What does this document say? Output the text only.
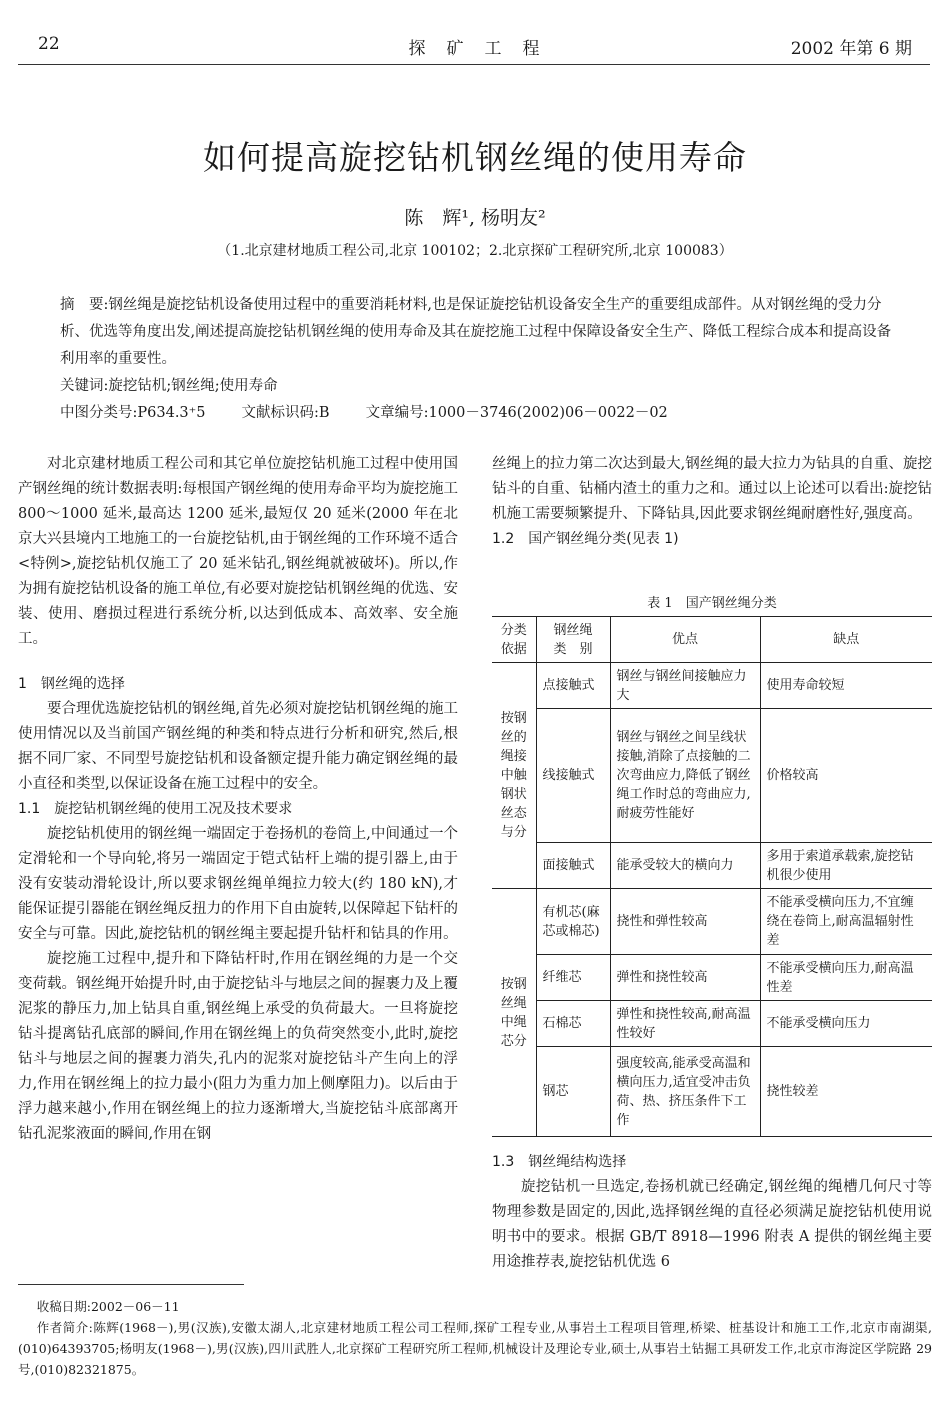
22	探　矿　工　程	2002 年第 6 期
如何提高旋挖钻机钢丝绳的使用寿命
陈　辉¹, 杨明友²
（1.北京建材地质工程公司,北京 100102；2.北京探矿工程研究所,北京 100083）

摘　要:钢丝绳是旋挖钻机设备使用过程中的重要消耗材料,也是保证旋挖钻机设备安全生产的重要组成部件。从对钢丝绳的受力分析、优选等角度出发,阐述提高旋挖钻机钢丝绳的使用寿命及其在旋挖施工过程中保障设备安全生产、降低工程综合成本和提高设备利用率的重要性。

关键词:旋挖钻机;钢丝绳;使用寿命

中图分类号:P634.3⁺5 文献标识码:B 文章编号:1000－3746(2002)06－0022－02

对北京建材地质工程公司和其它单位旋挖钻机施工过程中使用国产钢丝绳的统计数据表明:每根国产钢丝绳的使用寿命平均为旋挖施工 800～1000 延米,最高达 1200 延米,最短仅 20 延米(2000 年在北京大兴县境内工地施工的一台旋挖钻机,由于钢丝绳的工作环境不适合<特例>,旋挖钻机仅施工了 20 延米钻孔,钢丝绳就被破坏)。所以,作为拥有旋挖钻机设备的施工单位,有必要对旋挖钻机钢丝绳的优选、安装、使用、磨损过程进行系统分析,以达到低成本、高效率、安全施工。

1　钢丝绳的选择

要合理优选旋挖钻机的钢丝绳,首先必须对旋挖钻机钢丝绳的施工使用情况以及当前国产钢丝绳的种类和特点进行分析和研究,然后,根据不同厂家、不同型号旋挖钻机和设备额定提升能力确定钢丝绳的最小直径和类型,以保证设备在施工过程中的安全。

1.1　旋挖钻机钢丝绳的使用工况及技术要求

旋挖钻机使用的钢丝绳一端固定于卷扬机的卷筒上,中间通过一个定滑轮和一个导向轮,将另一端固定于铠式钻杆上端的提引器上,由于没有安装动滑轮设计,所以要求钢丝绳单绳拉力较大(约 180 kN),才能保证提引器能在钢丝绳反扭力的作用下自由旋转,以保障起下钻杆的安全与可靠。因此,旋挖钻机的钢丝绳主要起提升钻杆和钻具的作用。

旋挖施工过程中,提升和下降钻杆时,作用在钢丝绳的力是一个交变荷载。钢丝绳开始提升时,由于旋挖钻斗与地层之间的握裹力及上覆泥浆的静压力,加上钻具自重,钢丝绳上承受的负荷最大。一旦将旋挖钻斗提离钻孔底部的瞬间,作用在钢丝绳上的负荷突然变小,此时,旋挖钻斗与地层之间的握裹力消失,孔内的泥浆对旋挖钻斗产生向上的浮力,作用在钢丝绳上的拉力最小(阻力为重力加上侧摩阻力)。以后由于浮力越来越小,作用在钢丝绳上的拉力逐渐增大,当旋挖钻斗底部离开钻孔泥浆液面的瞬间,作用在钢

丝绳上的拉力第二次达到最大,钢丝绳的最大拉力为钻具的自重、旋挖钻斗的自重、钻桶内渣土的重力之和。通过以上论述可以看出:旋挖钻机施工需要频繁提升、下降钻具,因此要求钢丝绳耐磨性好,强度高。

1.2　国产钢丝绳分类(见表 1)

表 1　国产钢丝绳分类
分类依据	钢丝绳　类　别	优点	缺点
按钢丝的绳接中触钢状丝态与分	点接触式	钢丝与钢丝间接触应力大	使用寿命较短
	线接触式	钢丝与钢丝之间呈线状接触,消除了点接触的二次弯曲应力,降低了钢丝绳工作时总的弯曲应力,耐疲劳性能好	价格较高
	面接触式	能承受较大的横向力	多用于索道承载索,旋挖钻机很少使用
按钢丝绳中绳芯分	有机芯(麻芯或棉芯)	挠性和弹性较高	不能承受横向压力,不宜缠绕在卷筒上,耐高温辐射性差
	纤维芯	弹性和挠性较高	不能承受横向压力,耐高温性差
	石棉芯	弹性和挠性较高,耐高温性较好	不能承受横向压力
	钢芯	强度较高,能承受高温和横向压力,适宜受冲击负荷、热、挤压条件下工作	挠性较差

1.3　钢丝绳结构选择

旋挖钻机一旦选定,卷扬机就已经确定,钢丝绳的绳槽几何尺寸等物理参数是固定的,因此,选择钢丝绳的直径必须满足旋挖钻机使用说明书中的要求。根据 GB/T 8918—1996 附表 A 提供的钢丝绳主要用途推荐表,旋挖钻机优选 6

收稿日期:2002－06－11
作者简介:陈辉(1968－),男(汉族),安徽太湖人,北京建材地质工程公司工程师,探矿工程专业,从事岩土工程项目管理,桥梁、桩基设计和施工工作,北京市南湖渠,(010)64393705;杨明友(1968－),男(汉族),四川武胜人,北京探矿工程研究所工程师,机械设计及理论专业,硕士,从事岩土钻掘工具研发工作,北京市海淀区学院路 29 号,(010)82321875。
